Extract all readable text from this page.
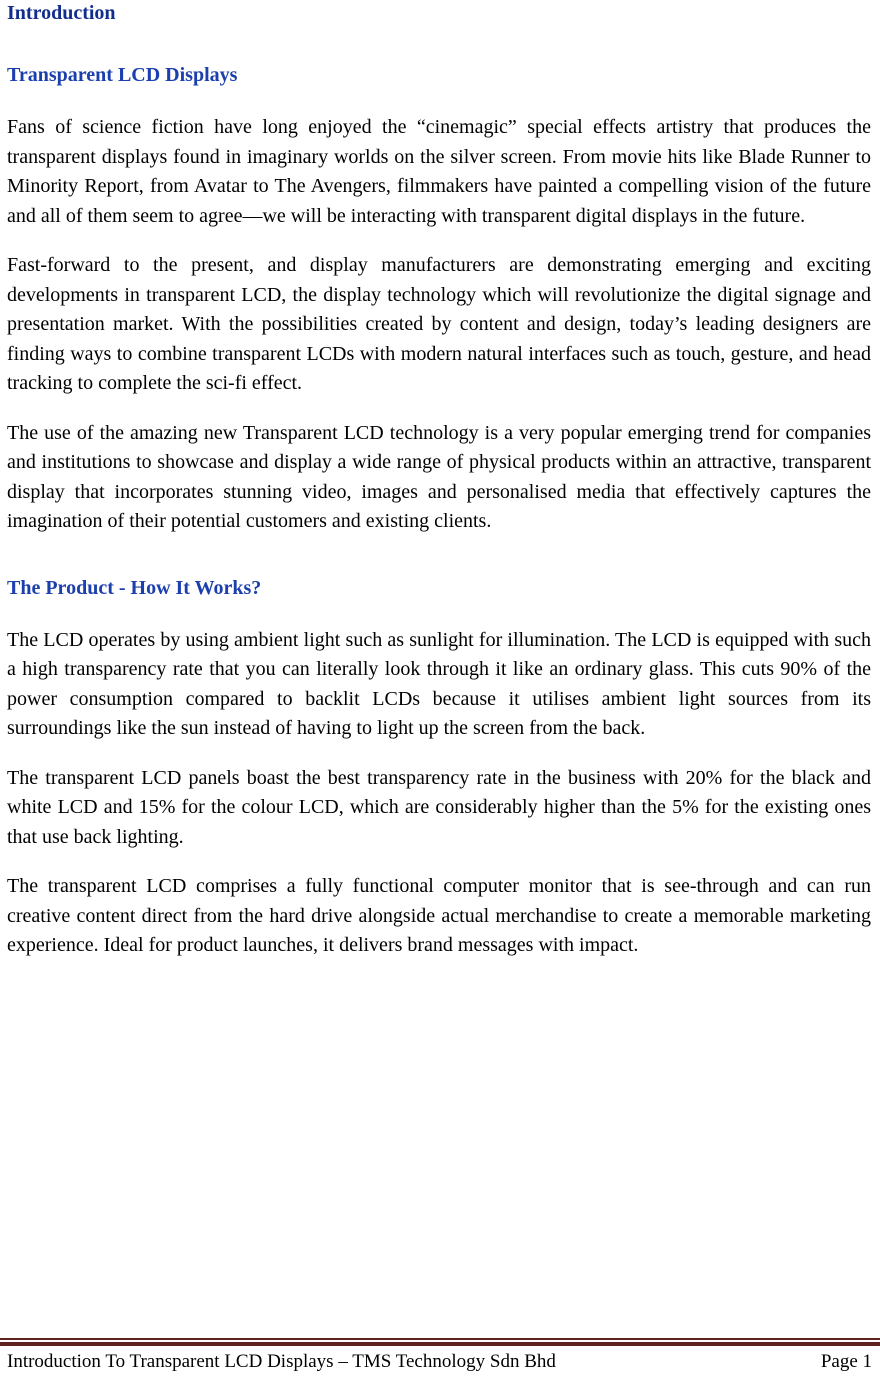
Introduction
Transparent LCD Displays

Fans of science fiction have long enjoyed the “cinemagic” special effects artistry that produces the transparent displays found in imaginary worlds on the silver screen. From movie hits like Blade Runner to Minority Report, from Avatar to The Avengers, filmmakers have painted a compelling vision of the future and all of them seem to agree—we will be interacting with transparent digital displays in the future.

Fast-forward to the present, and display manufacturers are demonstrating emerging and exciting developments in transparent LCD, the display technology which will revolutionize the digital signage and presentation market. With the possibilities created by content and design, today’s leading designers are finding ways to combine transparent LCDs with modern natural interfaces such as touch, gesture, and head tracking to complete the sci-fi effect.

The use of the amazing new Transparent LCD technology is a very popular emerging trend for companies and institutions to showcase and display a wide range of physical products within an attractive, transparent display that incorporates stunning video, images and personalised media that effectively captures the imagination of their potential customers and existing clients.

The Product - How It Works?

The LCD operates by using ambient light such as sunlight for illumination. The LCD is equipped with such a high transparency rate that you can literally look through it like an ordinary glass. This cuts 90% of the power consumption compared to backlit LCDs because it utilises ambient light sources from its surroundings like the sun instead of having to light up the screen from the back.

The transparent LCD panels boast the best transparency rate in the business with 20% for the black and white LCD and 15% for the colour LCD, which are considerably higher than the 5% for the existing ones that use back lighting.

The transparent LCD comprises a fully functional computer monitor that is see-through and can run creative content direct from the hard drive alongside actual merchandise to create a memorable marketing experience. Ideal for product launches, it delivers brand messages with impact.

Introduction To Transparent LCD Displays – TMS Technology Sdn Bhd	Page 1
